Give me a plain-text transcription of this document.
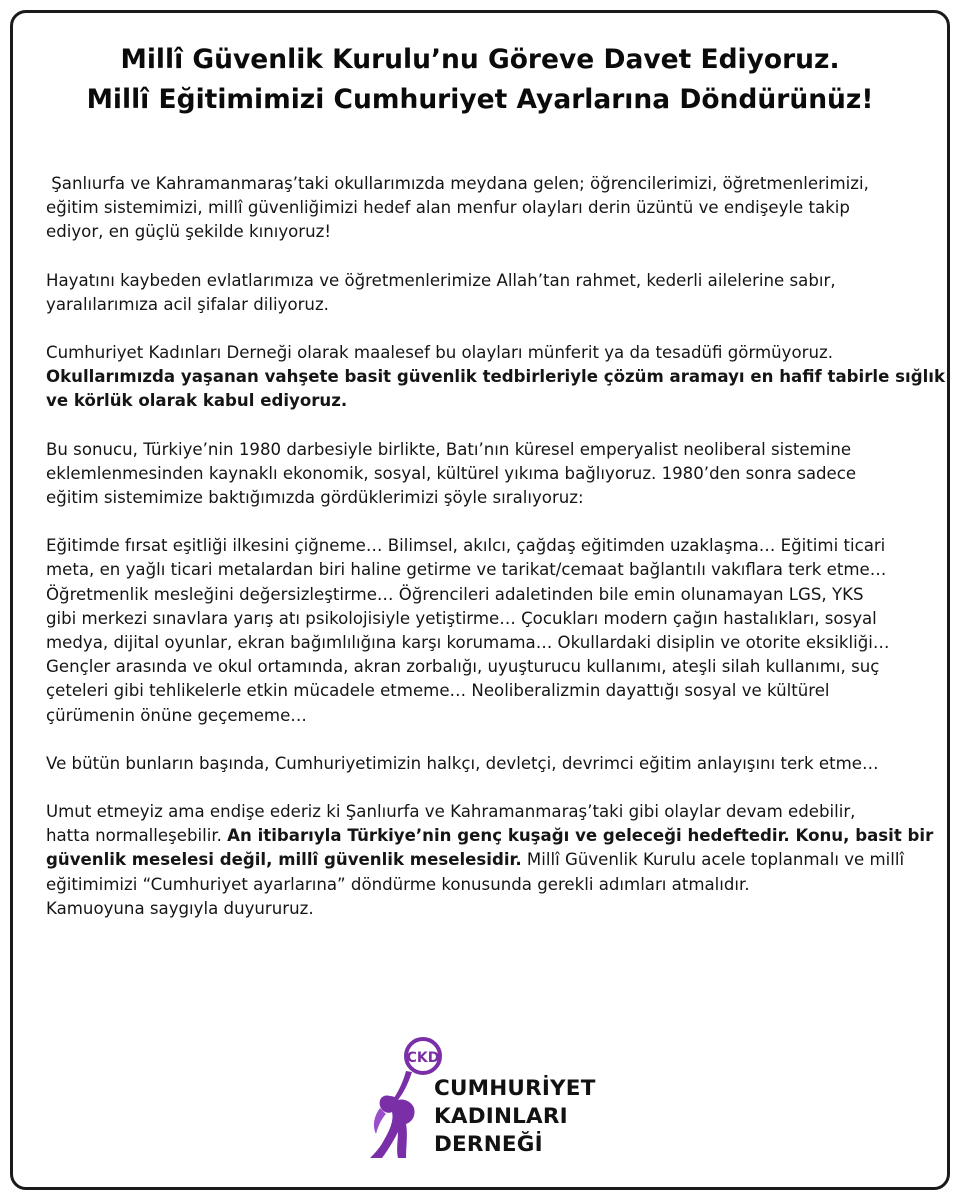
Millî Güvenlik Kurulu’nu Göreve Davet Ediyoruz.
Millî Eğitimimizi Cumhuriyet Ayarlarına Döndürünüz!
Şanlıurfa ve Kahramanmaraş’taki okullarımızda meydana gelen; öğrencilerimizi, öğretmenlerimizi,
eğitim sistemimizi, millî güvenliğimizi hedef alan menfur olayları derin üzüntü ve endişeyle takip
ediyor, en güçlü şekilde kınıyoruz!
Hayatını kaybeden evlatlarımıza ve öğretmenlerimize Allah’tan rahmet, kederli ailelerine sabır,
yaralılarımıza acil şifalar diliyoruz.
Cumhuriyet Kadınları Derneği olarak maalesef bu olayları münferit ya da tesadüfi görmüyoruz.
Okullarımızda yaşanan vahşete basit güvenlik tedbirleriyle çözüm aramayı en hafif tabirle sığlık
ve körlük olarak kabul ediyoruz.
Bu sonucu, Türkiye’nin 1980 darbesiyle birlikte, Batı’nın küresel emperyalist neoliberal sistemine
eklemlenmesinden kaynaklı ekonomik, sosyal, kültürel yıkıma bağlıyoruz. 1980’den sonra sadece
eğitim sistemimize baktığımızda gördüklerimizi şöyle sıralıyoruz:
Eğitimde fırsat eşitliği ilkesini çiğneme… Bilimsel, akılcı, çağdaş eğitimden uzaklaşma… Eğitimi ticari
meta, en yağlı ticari metalardan biri haline getirme ve tarikat/cemaat bağlantılı vakıflara terk etme…
Öğretmenlik mesleğini değersizleştirme… Öğrencileri adaletinden bile emin olunamayan LGS, YKS
gibi merkezi sınavlara yarış atı psikolojisiyle yetiştirme… Çocukları modern çağın hastalıkları, sosyal
medya, dijital oyunlar, ekran bağımlılığına karşı korumama… Okullardaki disiplin ve otorite eksikliği…
Gençler arasında ve okul ortamında, akran zorbalığı, uyuşturucu kullanımı, ateşli silah kullanımı, suç
çeteleri gibi tehlikelerle etkin mücadele etmeme… Neoliberalizmin dayattığı sosyal ve kültürel
çürümenin önüne geçememe…
Ve bütün bunların başında, Cumhuriyetimizin halkçı, devletçi, devrimci eğitim anlayışını terk etme…
Umut etmeyiz ama endişe ederiz ki Şanlıurfa ve Kahramanmaraş’taki gibi olaylar devam edebilir,
hatta normalleşebilir. An itibarıyla Türkiye’nin genç kuşağı ve geleceği hedeftedir. Konu, basit bir
güvenlik meselesi değil, millî güvenlik meselesidir. Millî Güvenlik Kurulu acele toplanmalı ve millî
eğitimimizi “Cumhuriyet ayarlarına” döndürme konusunda gerekli adımları atmalıdır.
Kamuoyuna saygıyla duyururuz.
CKD
CUMHURİYET
KADINLARI
DERNEĞİ
